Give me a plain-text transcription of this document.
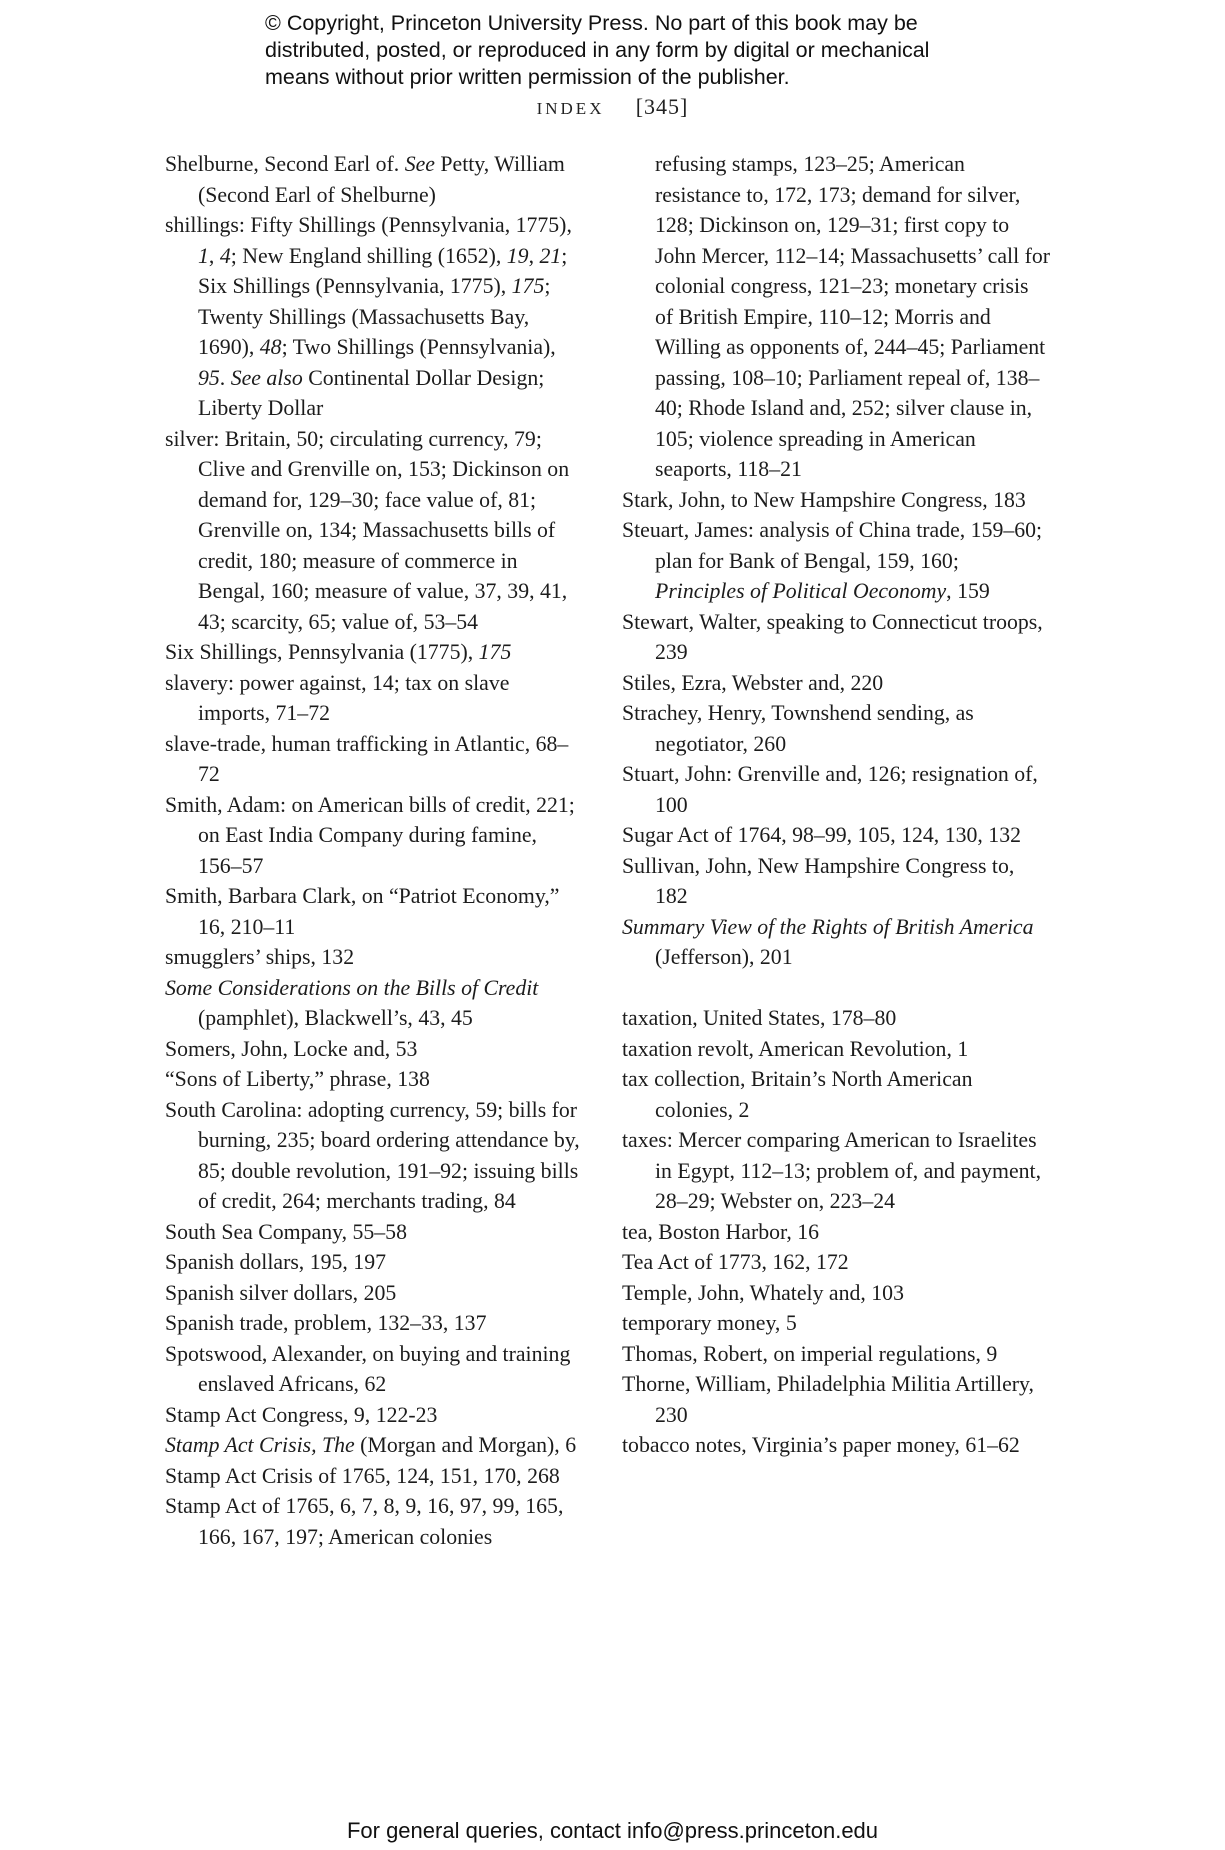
© Copyright, Princeton University Press. No part of this book may be
distributed, posted, or reproduced in any form by digital or mechanical
means without prior written permission of the publisher.
INDEX [345]

Shelburne, Second Earl of. See Petty, William (Second Earl of Shelburne)

shillings: Fifty Shillings (Pennsylvania, 1775), 1, 4; New England shilling (1652), 19, 21; Six Shillings (Pennsylvania, 1775), 175; Twenty Shillings (Massachusetts Bay, 1690), 48; Two Shillings (Pennsylvania), 95. See also Continental Dollar Design; Liberty Dollar

silver: Britain, 50; circulating currency, 79; Clive and Grenville on, 153; Dickinson on demand for, 129–30; face value of, 81; Grenville on, 134; Massachusetts bills of credit, 180; measure of commerce in Bengal, 160; measure of value, 37, 39, 41, 43; scarcity, 65; value of, 53–54

Six Shillings, Pennsylvania (1775), 175

slavery: power against, 14; tax on slave imports, 71–72

slave-trade, human trafficking in Atlantic, 68–72

Smith, Adam: on American bills of credit, 221; on East India Company during famine, 156–57

Smith, Barbara Clark, on “Patriot Economy,” 16, 210–11

smugglers’ ships, 132

Some Considerations on the Bills of Credit (pamphlet), Blackwell’s, 43, 45

Somers, John, Locke and, 53

“Sons of Liberty,” phrase, 138

South Carolina: adopting currency, 59; bills for burning, 235; board ordering attendance by, 85; double revolution, 191–92; issuing bills of credit, 264; merchants trading, 84

South Sea Company, 55–58

Spanish dollars, 195, 197

Spanish silver dollars, 205

Spanish trade, problem, 132–33, 137

Spotswood, Alexander, on buying and training enslaved Africans, 62

Stamp Act Congress, 9, 122-23

Stamp Act Crisis, The (Morgan and Morgan), 6

Stamp Act Crisis of 1765, 124, 151, 170, 268

Stamp Act of 1765, 6, 7, 8, 9, 16, 97, 99, 165, 166, 167, 197; American colonies

refusing stamps, 123–25; American resistance to, 172, 173; demand for silver, 128; Dickinson on, 129–31; first copy to John Mercer, 112–14; Massachusetts’ call for colonial congress, 121–23; monetary crisis of British Empire, 110–12; Morris and Willing as opponents of, 244–45; Parliament passing, 108–10; Parliament repeal of, 138–40; Rhode Island and, 252; silver clause in, 105; violence spreading in American seaports, 118–21

Stark, John, to New Hampshire Congress, 183

Steuart, James: analysis of China trade, 159–60; plan for Bank of Bengal, 159, 160; Principles of Political Oeconomy, 159

Stewart, Walter, speaking to Connecticut troops, 239

Stiles, Ezra, Webster and, 220

Strachey, Henry, Townshend sending, as negotiator, 260

Stuart, John: Grenville and, 126; resignation of, 100

Sugar Act of 1764, 98–99, 105, 124, 130, 132

Sullivan, John, New Hampshire Congress to, 182

Summary View of the Rights of British America (Jefferson), 201

taxation, United States, 178–80

taxation revolt, American Revolution, 1

tax collection, Britain’s North American colonies, 2

taxes: Mercer comparing American to Israelites in Egypt, 112–13; problem of, and payment, 28–29; Webster on, 223–24

tea, Boston Harbor, 16

Tea Act of 1773, 162, 172

Temple, John, Whately and, 103

temporary money, 5

Thomas, Robert, on imperial regulations, 9

Thorne, William, Philadelphia Militia Artillery, 230

tobacco notes, Virginia’s paper money, 61–62

For general queries, contact info@press.princeton.edu
